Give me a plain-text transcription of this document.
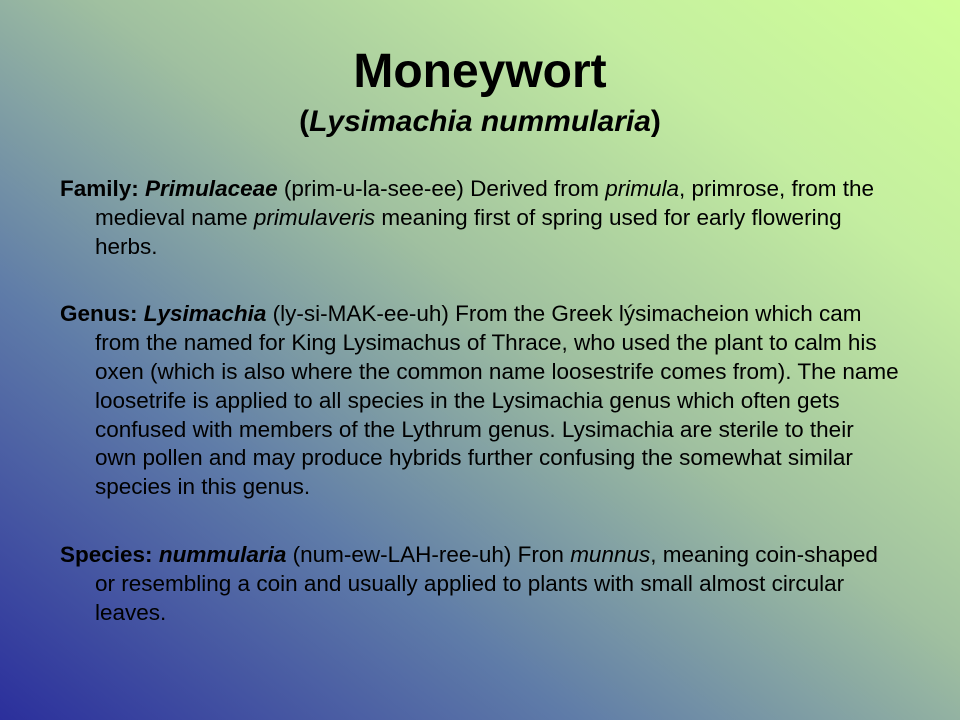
Moneywort
(Lysimachia nummularia)

Family: Primulaceae (prim-u-la-see-ee) Derived from primula, primrose, from the medieval name primulaveris meaning first of spring used for early flowering herbs.

Genus: Lysimachia (ly-si-MAK-ee-uh) From the Greek lýsimacheion which cam from the named for King Lysimachus of Thrace, who used the plant to calm his oxen (which is also where the common name loosestrife comes from). The name loosetrife is applied to all species in the Lysimachia genus which often gets confused with members of the Lythrum genus. Lysimachia are sterile to their own pollen and may produce hybrids further confusing the somewhat similar species in this genus.

Species: nummularia (num-ew-LAH-ree-uh) Fron munnus, meaning coin-shaped or resembling a coin and usually applied to plants with small almost circular leaves.
